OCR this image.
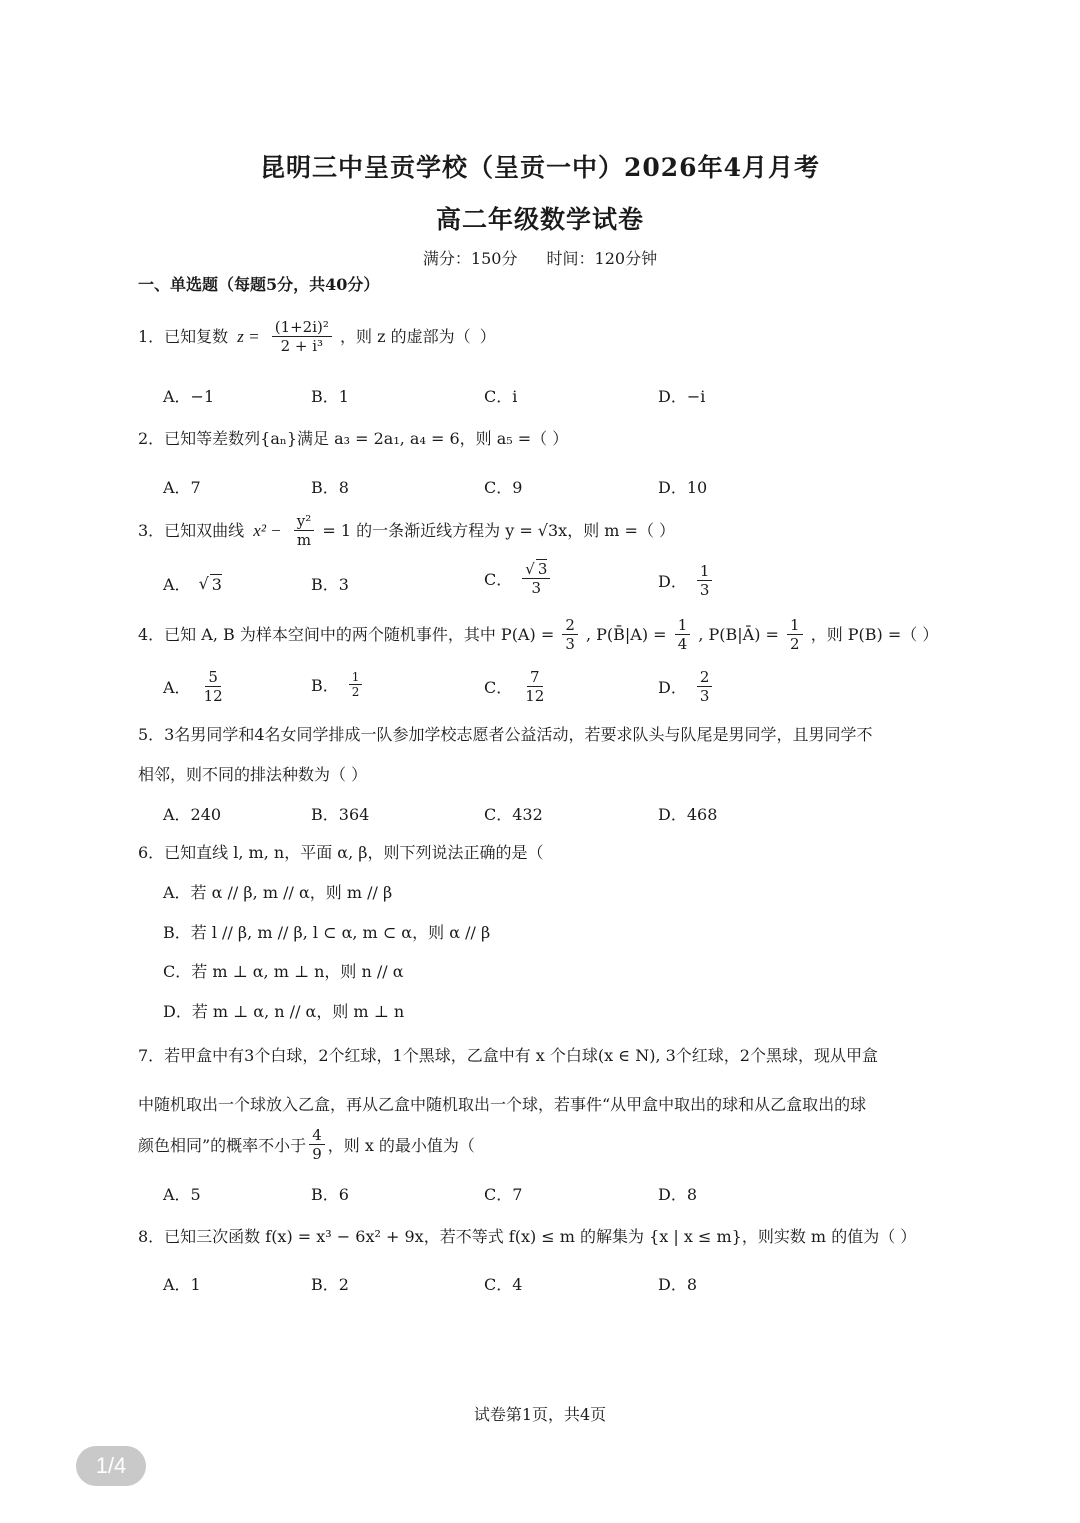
昆明三中呈贡学校（呈贡一中）2026年4月月考
高二年级数学试卷
满分：150分 时间：120分钟
一、单选题（每题5分，共40分）
1．已知复数 $z = \frac{\text{(1+2i)²}}{\text{2 + i³}}$ ，则 z 的虚部为（ ）
A．−1	B．1	C．i	D．−i
2．已知等差数列{aₙ}满足 a₃ = 2a₁, a₄ = 6，则 a₅ =（ ）
A．7	B．8	C．9	D．10
3．已知双曲线 $x^2 - \frac{\text{y²}}{m} = 1$ 的一条渐近线方程为 y = √3x，则 m =（ ）
A． √ 3	B．3	C． $\frac{√ 3}{3}$	D． $\frac{1}{3}$
4．已知 A, B 为样本空间中的两个随机事件，其中 $P(A) = \frac{2}{3}$ , P(B̄|A) = $\frac{1}{4}$ , P(B|Ā) = $\frac{1}{2}$ ，则 P(B) =（ ）
A． $\frac{5}{12}$	B． $\frac{1}{2}$	C． $\frac{7}{12}$	D． $\frac{2}{3}$
5．3名男同学和4名女同学排成一队参加学校志愿者公益活动，若要求队头与队尾是男同学，且男同学不
相邻，则不同的排法种数为（ ）
A．240	B．364	C．432	D．468
6．已知直线 l, m, n，平面 α, β，则下列说法正确的是（
A．若 α // β, m // α，则 m // β
B．若 l // β, m // β, l ⊂ α, m ⊂ α，则 α // β
C．若 m ⊥ α, m ⊥ n，则 n // α
D．若 m ⊥ α, n // α，则 m ⊥ n
7．若甲盒中有3个白球，2个红球，1个黑球，乙盒中有 x 个白球(x ∈ N), 3个红球，2个黑球，现从甲盒
中随机取出一个球放入乙盒，再从乙盒中随机取出一个球，若事件“从甲盒中取出的球和从乙盒取出的球
颜色相同”的概率不小于 $\frac{4}{9}$ ，则 x 的最小值为（
A．5	B．6	C．7	D．8
8．已知三次函数 f(x) = x³ − 6x² + 9x，若不等式 f(x) ≤ m 的解集为 {x | x ≤ m}，则实数 m 的值为（ ）
A．1	B．2	C．4	D．8
试卷第1页，共4页
1/4
